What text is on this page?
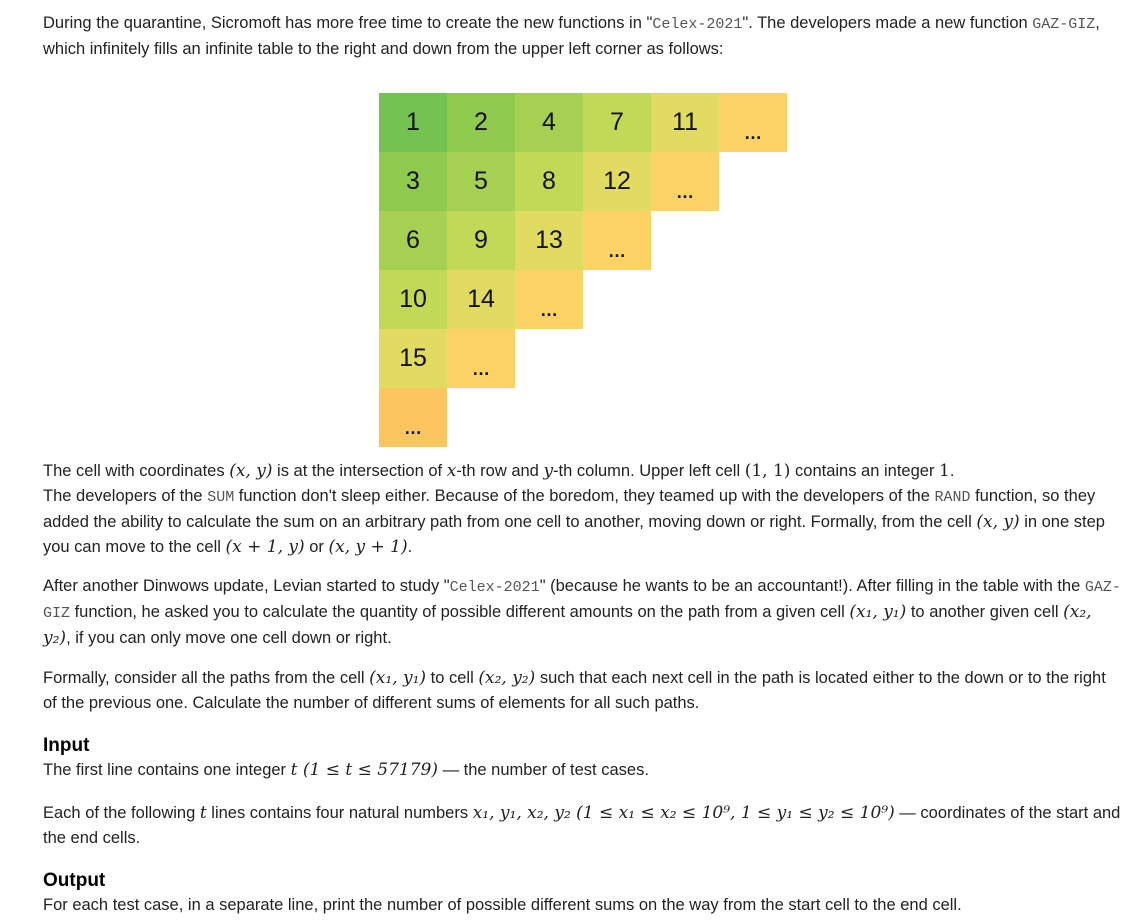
During the quarantine, Sicromoft has more free time to create the new functions in "Celex-2021". The developers made a new function GAZ-GIZ, which infinitely fills an infinite table to the right and down from the upper left corner as follows:

1	2	4	7	11	…
3	5	8	12	…
6	9	13	…
10	14	…
15	…
…

The cell with coordinates (x, y) is at the intersection of x-th row and y-th column. Upper left cell (1, 1) contains an integer 1.
The developers of the SUM function don't sleep either. Because of the boredom, they teamed up with the developers of the RAND function, so they added the ability to calculate the sum on an arbitrary path from one cell to another, moving down or right. Formally, from the cell (x, y) in one step you can move to the cell (x + 1, y) or (x, y + 1).

After another Dinwows update, Levian started to study "Celex-2021" (because he wants to be an accountant!). After filling in the table with the GAZ-GIZ function, he asked you to calculate the quantity of possible different amounts on the path from a given cell (x₁, y₁) to another given cell (x₂, y₂), if you can only move one cell down or right.

Formally, consider all the paths from the cell (x₁, y₁) to cell (x₂, y₂) such that each next cell in the path is located either to the down or to the right of the previous one. Calculate the number of different sums of elements for all such paths.

Input

The first line contains one integer t (1 ≤ t ≤ 57179) — the number of test cases.

Each of the following t lines contains four natural numbers x₁, y₁, x₂, y₂ (1 ≤ x₁ ≤ x₂ ≤ 10⁹, 1 ≤ y₁ ≤ y₂ ≤ 10⁹) — coordinates of the start and the end cells.

Output

For each test case, in a separate line, print the number of possible different sums on the way from the start cell to the end cell.
